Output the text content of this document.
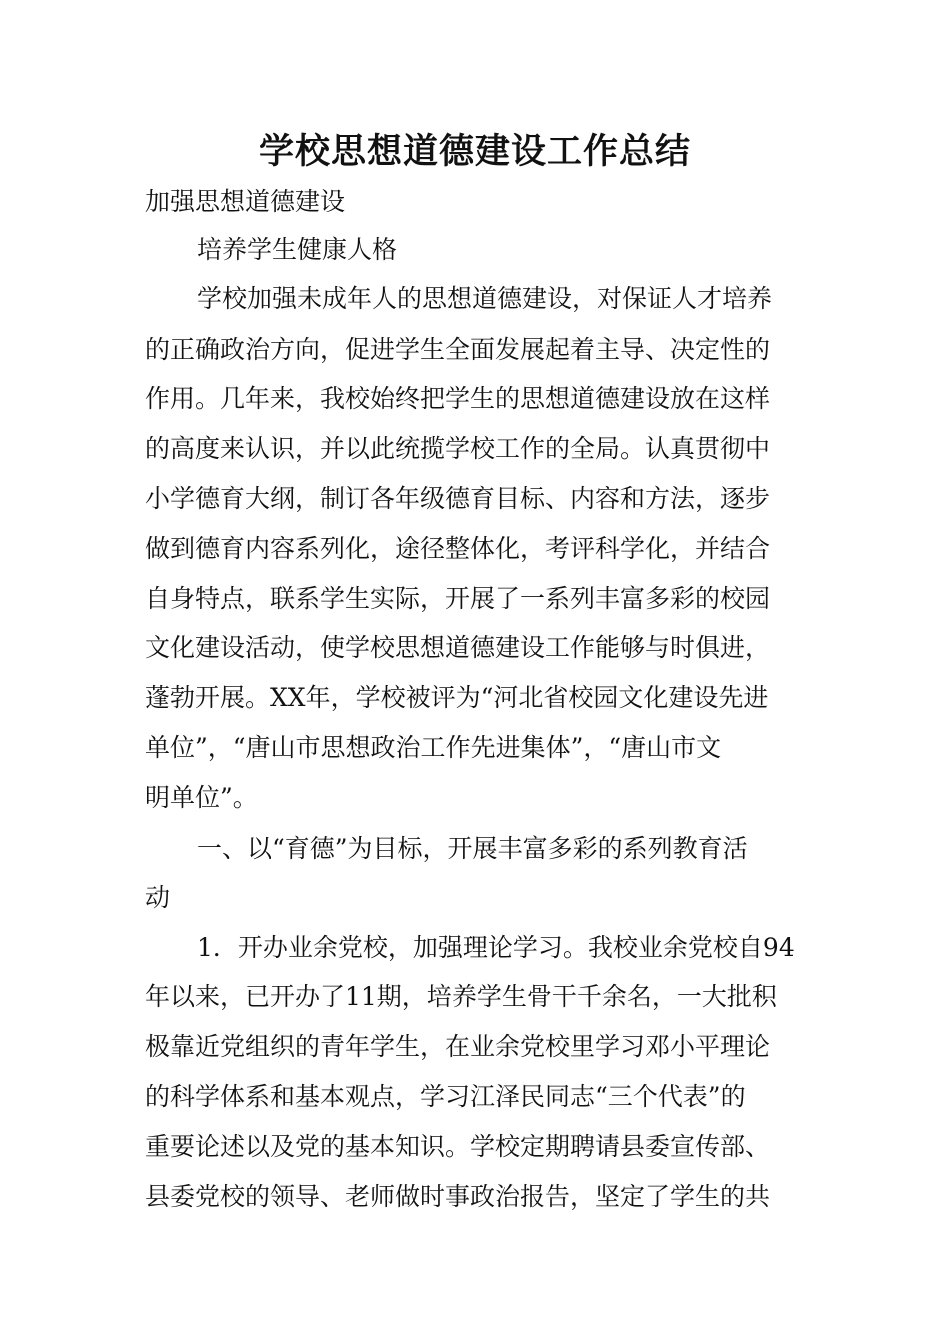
学校思想道德建设工作总结
加强思想道德建设
培养学生健康人格
学校加强未成年人的思想道德建设，对保证人才培养
的正确政治方向，促进学生全面发展起着主导、决定性的
作用。几年来，我校始终把学生的思想道德建设放在这样
的高度来认识，并以此统揽学校工作的全局。认真贯彻中
小学德育大纲，制订各年级德育目标、内容和方法，逐步
做到德育内容系列化，途径整体化，考评科学化，并结合
自身特点，联系学生实际，开展了一系列丰富多彩的校园
文化建设活动，使学校思想道德建设工作能够与时俱进，
蓬勃开展。XX年，学校被评为“河北省校园文化建设先进
单位”，“唐山市思想政治工作先进集体”，“唐山市文
明单位”。
一、以“育德”为目标，开展丰富多彩的系列教育活
动
1．开办业余党校，加强理论学习。我校业余党校自94
年以来，已开办了11期，培养学生骨干千余名，一大批积
极靠近党组织的青年学生，在业余党校里学习邓小平理论
的科学体系和基本观点，学习江泽民同志“三个代表”的
重要论述以及党的基本知识。学校定期聘请县委宣传部、
县委党校的领导、老师做时事政治报告，坚定了学生的共
